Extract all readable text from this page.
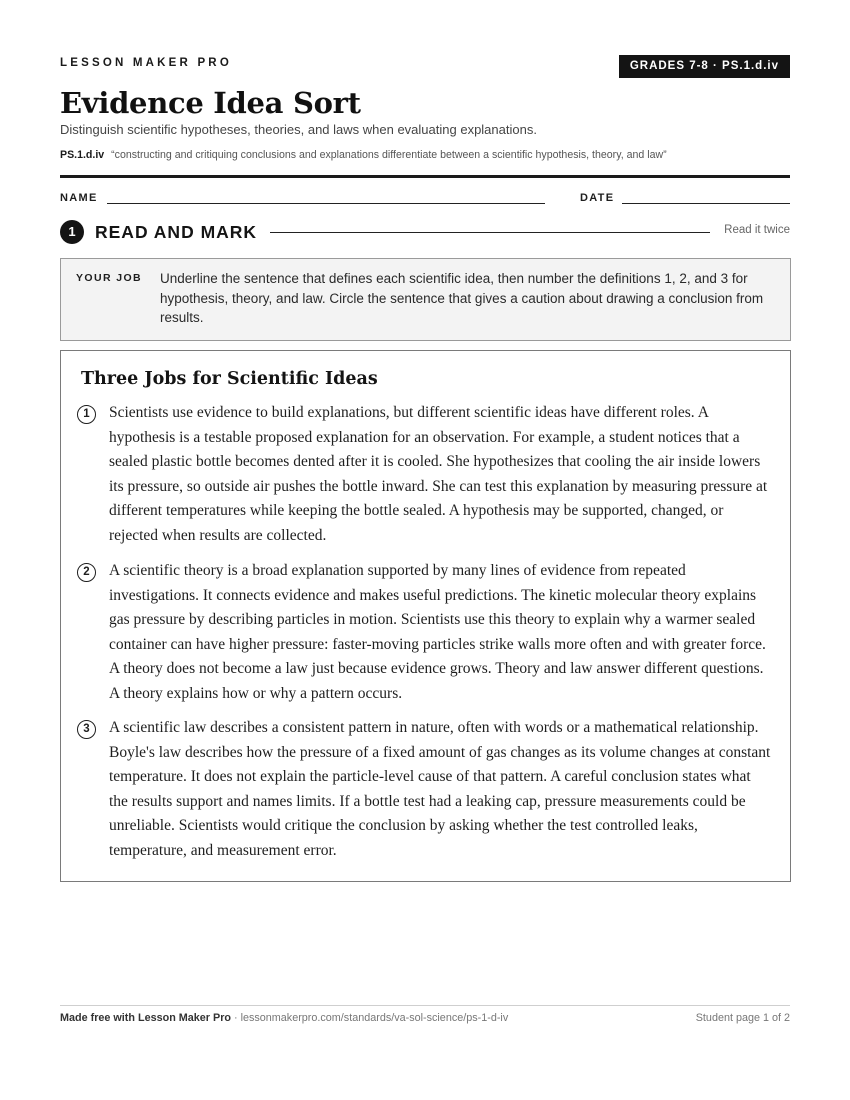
LESSON MAKER PRO	GRADES 7-8 · PS.1.d.iv
Evidence Idea Sort
Distinguish scientific hypotheses, theories, and laws when evaluating explanations.
PS.1.d.iv “constructing and critiquing conclusions and explanations differentiate between a scientific hypothesis, theory, and law”
NAME	DATE
1	READ AND MARK	Read it twice
YOUR JOB Underline the sentence that defines each scientific idea, then number the definitions 1, 2, and 3 for hypothesis, theory, and law. Circle the sentence that gives a caution about drawing a conclusion from results.
Three Jobs for Scientific Ideas
1	Scientists use evidence to build explanations, but different scientific ideas have different roles. A hypothesis is a testable proposed explanation for an observation. For example, a student notices that a sealed plastic bottle becomes dented after it is cooled. She hypothesizes that cooling the air inside lowers its pressure, so outside air pushes the bottle inward. She can test this explanation by measuring pressure at different temperatures while keeping the bottle sealed. A hypothesis may be supported, changed, or rejected when results are collected.

2	A scientific theory is a broad explanation supported by many lines of evidence from repeated investigations. It connects evidence and makes useful predictions. The kinetic molecular theory explains gas pressure by describing particles in motion. Scientists use this theory to explain why a warmer sealed container can have higher pressure: faster-moving particles strike walls more often and with greater force. A theory does not become a law just because evidence grows. Theory and law answer different questions. A theory explains how or why a pattern occurs.

3	A scientific law describes a consistent pattern in nature, often with words or a mathematical relationship. Boyle's law describes how the pressure of a fixed amount of gas changes as its volume changes at constant temperature. It does not explain the particle-level cause of that pattern. A careful conclusion states what the results support and names limits. If a bottle test had a leaking cap, pressure measurements could be unreliable. Scientists would critique the conclusion by asking whether the test controlled leaks, temperature, and measurement error.

Made free with Lesson Maker Pro · lessonmakerpro.com/standards/va-sol-science/ps-1-d-iv	Student page 1 of 2
